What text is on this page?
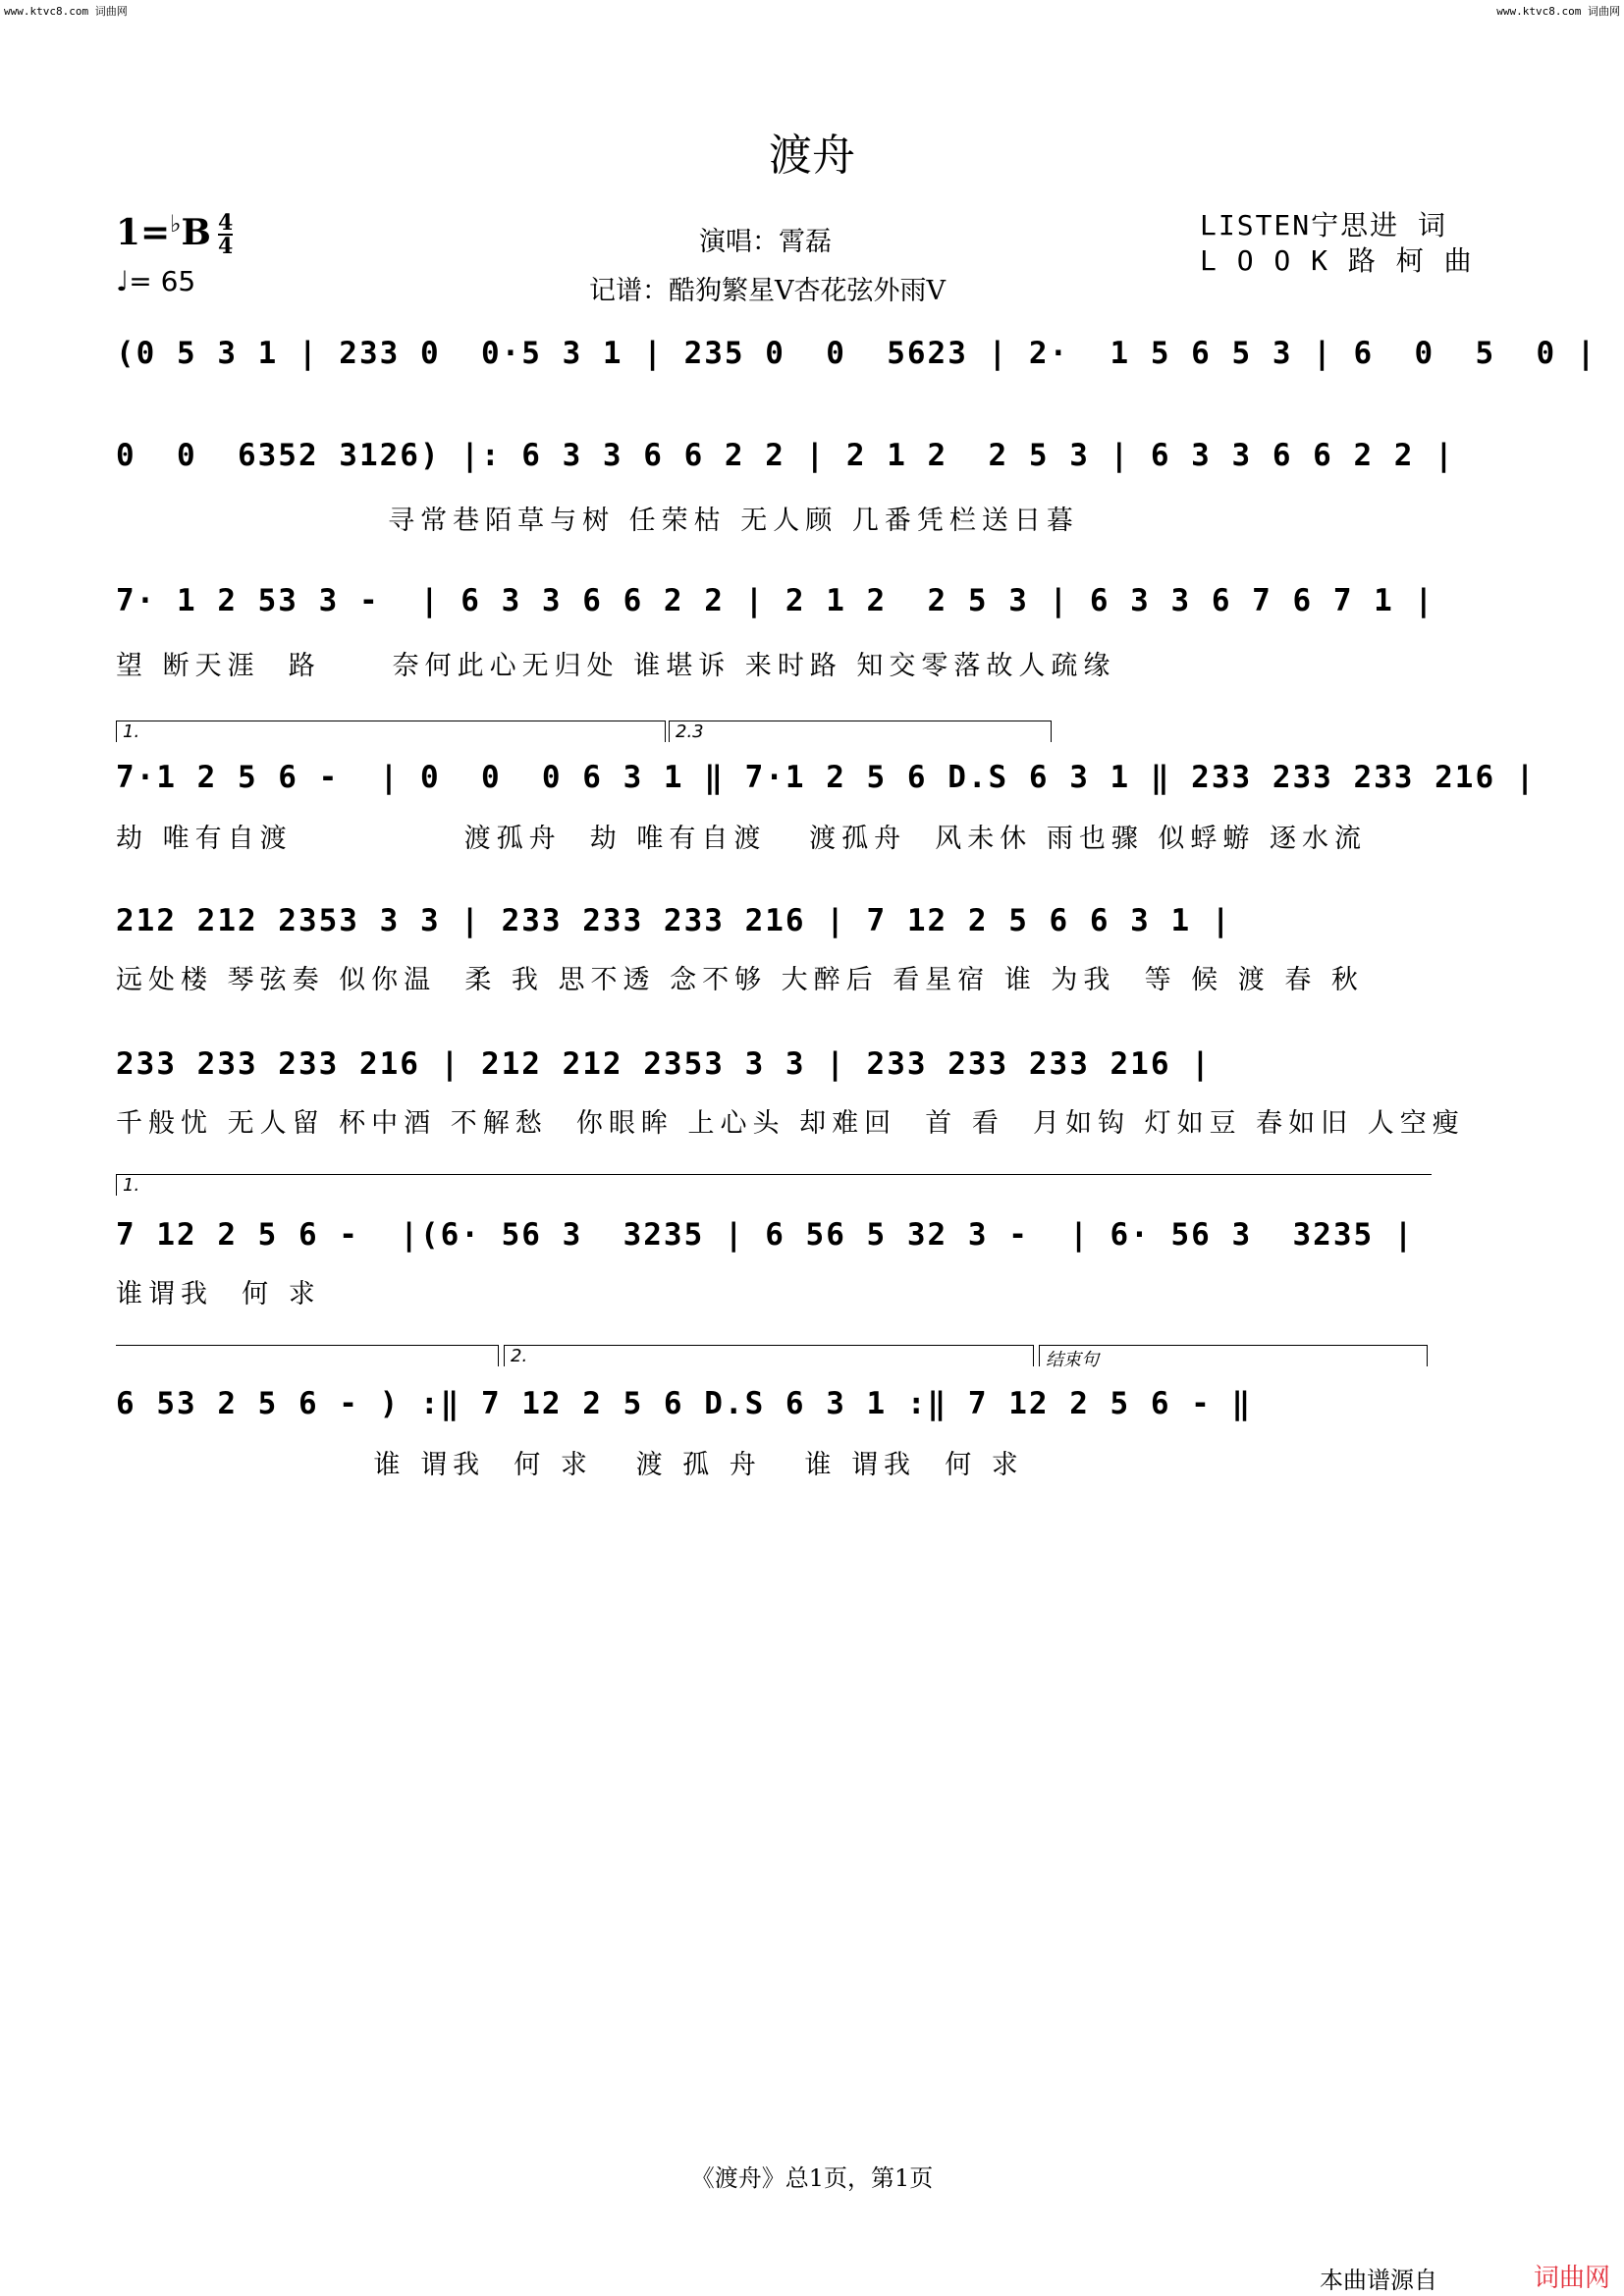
www.ktvc8.com 词曲网	www.ktvc8.com 词曲网
渡舟
1=♭B 4
4
♩= 65
演唱：霄磊
记谱：酷狗繁星V杏花弦外雨V
LISTEN宁思进 词
L O O K 路 柯 曲
(0 5 3 1 | 233 0  0·5 3 1 | 235 0  0  5623 | 2·  1 5 6 5 3 | 6  0  5  0 |
0  0  6352 3126) |: 6 3 3 6 6 2 2 | 2 1 2  2 5 3 | 6 3 3 6 6 2 2 |
寻常巷陌草与树 任荣枯 无人顾 几番凭栏送日暮
7· 1 2 53 3 -  | 6 3 3 6 6 2 2 | 2 1 2  2 5 3 | 6 3 3 6 7 6 7 1 |
望 断天涯  路     奈何此心无归处 谁堪诉 来时路 知交零落故人疏缘
1.	2.3
7·1 2 5 6 -  | 0  0  0 6 3 1 ‖ 7·1 2 5 6 D.S 6 3 1 ‖ 233 233 233 216 |
劫 唯有自渡            渡孤舟  劫 唯有自渡   渡孤舟  风未休 雨也骤 似蜉蝣 逐水流
212 212 2353 3 3 | 233 233 233 216 | 7 12 2 5 6 6 3 1 |
远处楼 琴弦奏 似你温  柔 我 思不透 念不够 大醉后 看星宿 谁 为我  等 候 渡 春 秋
233 233 233 216 | 212 212 2353 3 3 | 233 233 233 216 |
千般忧 无人留 杯中酒 不解愁  你眼眸 上心头 却难回  首 看  月如钩 灯如豆 春如旧 人空瘦
1.
7 12 2 5 6 -  |(6· 56 3  3235 | 6 56 5 32 3 -  | 6· 56 3  3235 |
谁谓我  何 求
2.	结束句
6 53 2 5 6 - ) :‖ 7 12 2 5 6 D.S 6 3 1 :‖ 7 12 2 5 6 - ‖
谁 谓我  何 求   渡 孤 舟   谁 谓我  何 求
《渡舟》总1页，第1页
本曲谱源自	词曲网
